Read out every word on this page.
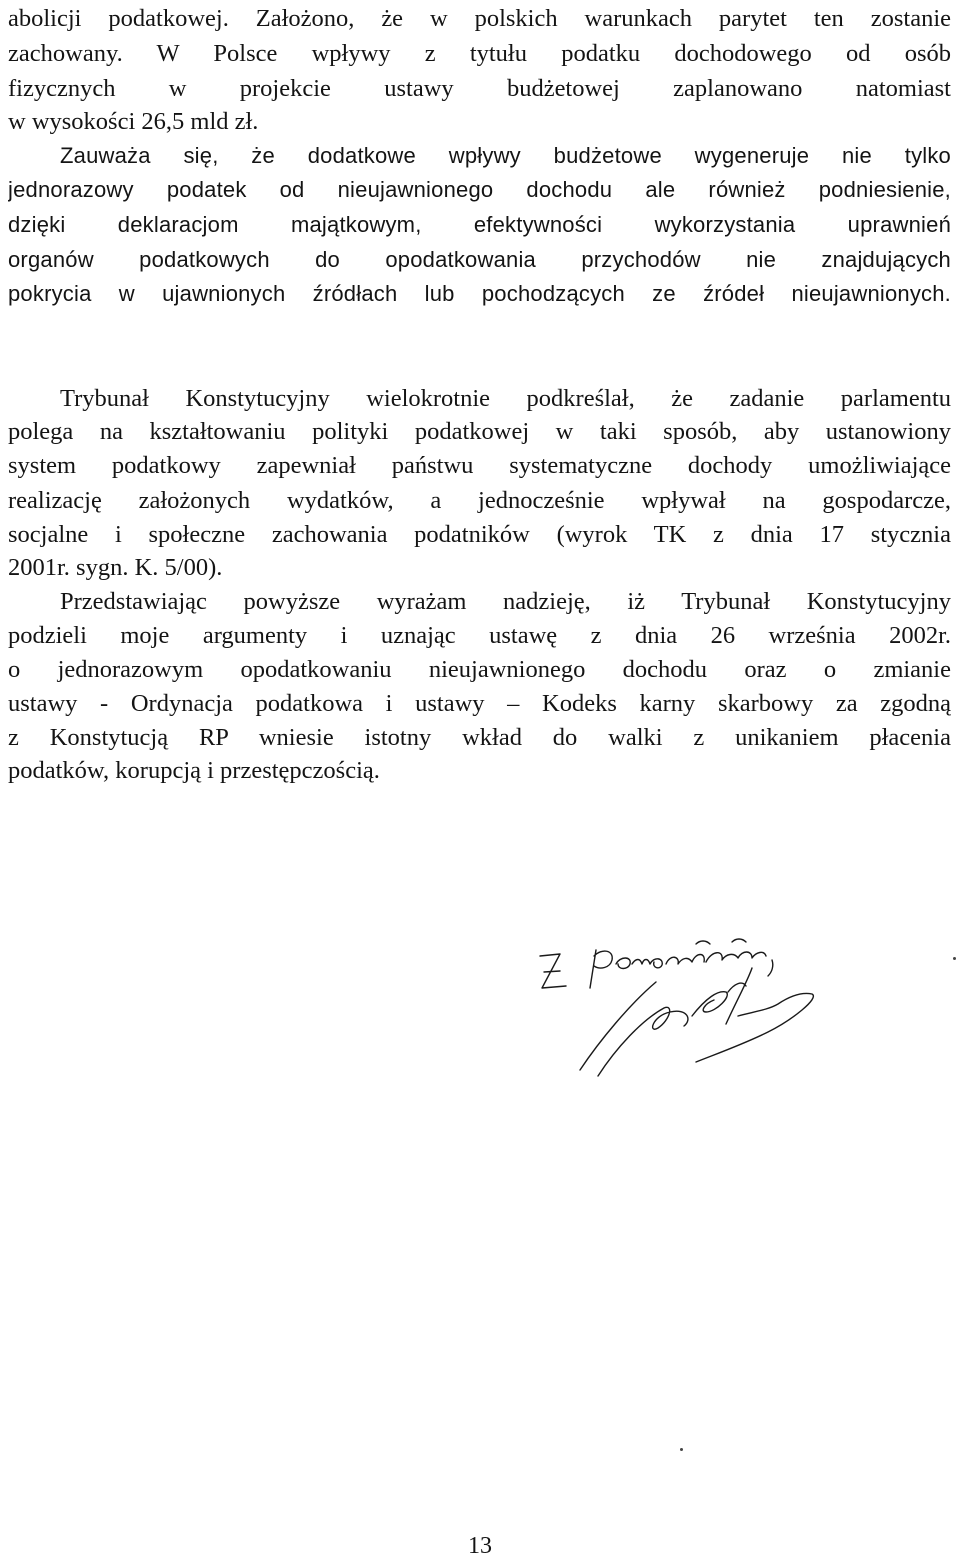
abolicji podatkowej. Założono, że w polskich warunkach parytet ten zostanie
zachowany. W Polsce wpływy z tytułu podatku dochodowego od osób
fizycznych w projekcie ustawy budżetowej zaplanowano natomiast
w wysokości 26,5 mld zł.
Zauważa się, że dodatkowe wpływy budżetowe wygeneruje nie tylko
jednorazowy podatek od nieujawnionego dochodu ale również podniesienie,
dzięki deklaracjom majątkowym, efektywności wykorzystania uprawnień
organów podatkowych do opodatkowania przychodów nie znajdujących
pokrycia w ujawnionych źródłach lub pochodzących ze źródeł nieujawnionych.
Trybunał Konstytucyjny wielokrotnie podkreślał, że zadanie parlamentu
polega na kształtowaniu polityki podatkowej w taki sposób, aby ustanowiony
system podatkowy zapewniał państwu systematyczne dochody umożliwiające
realizację założonych wydatków, a jednocześnie wpływał na gospodarcze,
socjalne i społeczne zachowania podatników (wyrok TK z dnia 17 stycznia
2001r. sygn. K. 5/00).
Przedstawiając powyższe wyrażam nadzieję, iż Trybunał Konstytucyjny
podzieli moje argumenty i uznając ustawę z dnia 26 września 2002r.
o jednorazowym opodatkowaniu nieujawnionego dochodu oraz o zmianie
ustawy - Ordynacja podatkowa i ustawy – Kodeks karny skarbowy za zgodną
z Konstytucją RP wniesie istotny wkład do walki z unikaniem płacenia
podatków, korupcją i przestępczością.
13
